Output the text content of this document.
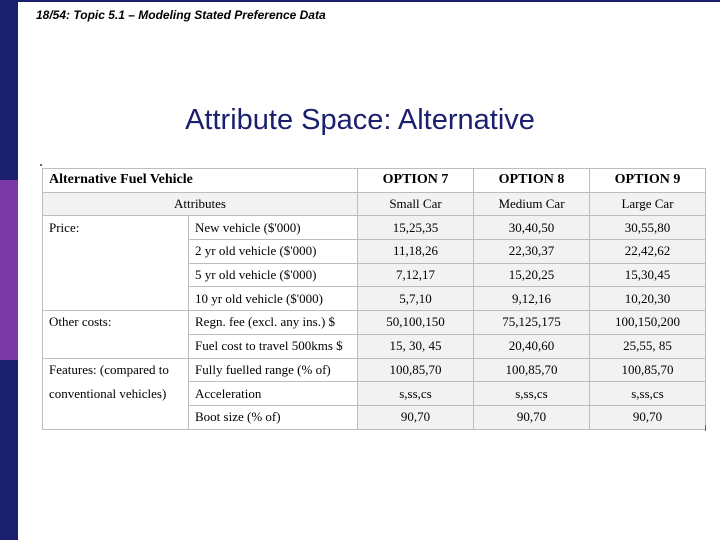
18/54: Topic 5.1 – Modeling Stated Preference Data
Attribute Space: Alternative
Alternative Fuel Vehicle		OPTION 7	OPTION 8	OPTION 9
Attributes		Small Car	Medium Car	Large Car
Price:	New vehicle ($'000)	15,25,35	30,40,50	30,55,80
	2 yr old vehicle ($'000)	11,18,26	22,30,37	22,42,62
	5 yr old vehicle ($'000)	7,12,17	15,20,25	15,30,45
	10 yr old vehicle ($'000)	5,7,10	9,12,16	10,20,30
Other costs:	Regn. fee (excl. any ins.) $	50,100,150	75,125,175	100,150,200
	Fuel cost to travel 500kms $	15, 30, 45	20,40,60	25,55, 85
Features: (compared to	Fully fuelled range (% of)	100,85,70	100,85,70	100,85,70
conventional vehicles)	Acceleration	s,ss,cs	s,ss,cs	s,ss,cs
	Boot size (% of)	90,70	90,70	90,70
